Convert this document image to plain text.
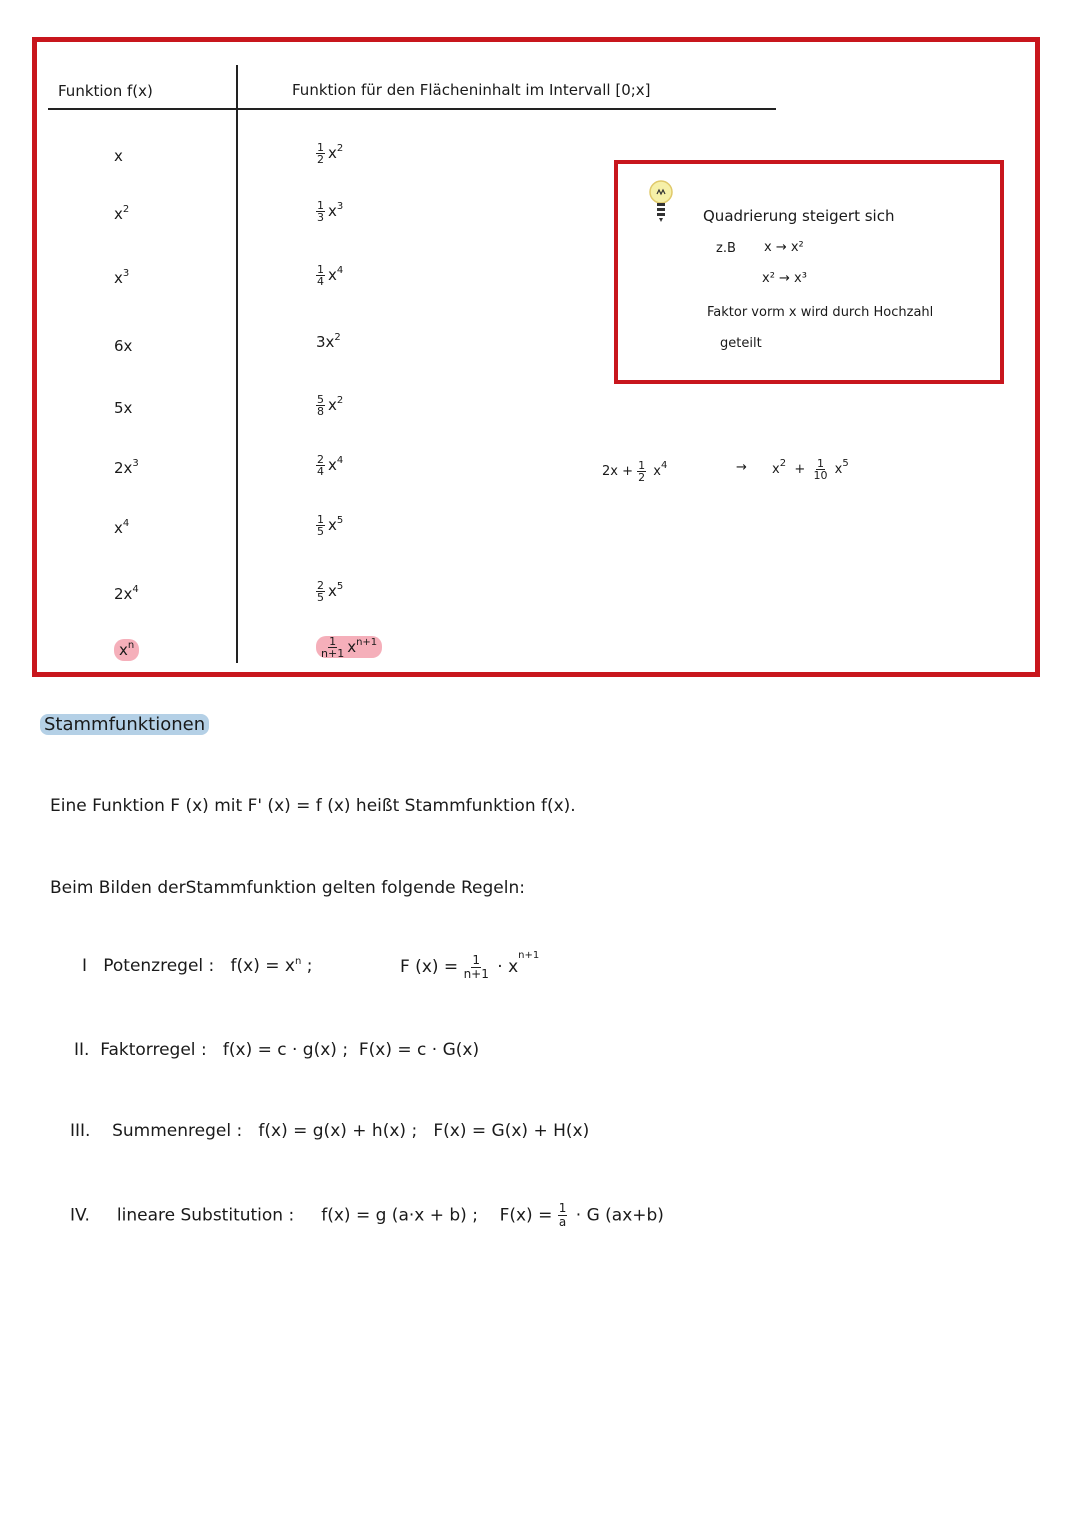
Funktion f(x)	Funktion für den Flächeninhalt im Intervall [0;x]
x	$\frac{1}{2} x^2$
$x^2$	$\frac{1}{3} x^3$
$x^3$	$\frac{1}{4} x^4$
6x	$3x^2$
5x	$\frac{5}{8} x^2$
$2x^3$	$\frac{2}{4} x^4$
$x^4$	$\frac{1}{5} x^5$
$2x^4$	$\frac{2}{5} x^5$
$x^n$	$\frac{1}{n+1} x^{n+1}$
Quadrierung steigert sich
z.B x → x²
x² → x³
Faktor vorm x wird durch Hochzahl
geteilt
$2x + \frac{1}{2} x^4$	→ $x^2 + \frac{1}{10} x^5$
Stammfunktionen
Eine Funktion F (x) mit F' (x) = f (x) heißt Stammfunktion f(x).
Beim Bilden derStammfunktion gelten folgende Regeln:
I Potenzregel : $f(x) = x^n$ ;	F $(x) = \frac{1}{n+1} \cdot x^{n+1}$
II. Faktorregel : f(x) = c · g(x) ; F(x) = c · G(x)
III. Summenregel : f(x) = g(x) + h(x) ; F(x) = G(x) + H(x)
IV. lineare Substitution : f(x) = g (a·x + b) ; $F(x) = \frac{1}{a} \cdot G$ (ax+b)
